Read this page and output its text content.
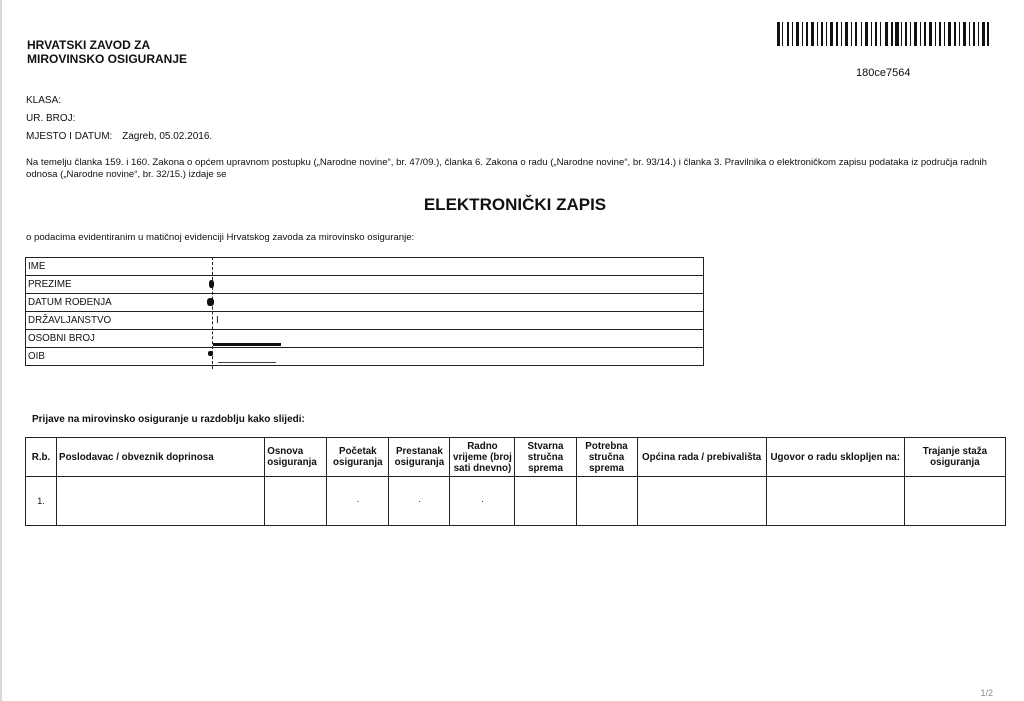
HRVATSKI ZAVOD ZA
MIROVINSKO OSIGURANJE
180ce7564
KLASA:
UR. BROJ:
MJESTO I DATUM: Zagreb, 05.02.2016.
Na temelju članka 159. i 160. Zakona o općem upravnom postupku („Narodne novine“, br. 47/09.), članka 6. Zakona o radu („Narodne novine“, br. 93/14.) i članka 3. Pravilnika o elektroničkom zapisu podataka iz područja radnih odnosa („Narodne novine“, br. 32/15.) izdaje se
ELEKTRONIČKI ZAPIS
o podacima evidentiranim u matičnoj evidenciji Hrvatskog zavoda za mirovinsko osiguranje:
IME	
PREZIME	
DATUM ROĐENJA	
DRŽAVLJANSTVO	I
OSOBNI BROJ	
OIB	
Prijave na mirovinsko osiguranje u razdoblju kako slijedi:
R.b.	Poslodavac / obveznik doprinosa	Osnova osiguranja	Početak osiguranja	Prestanak osiguranja	Radno vrijeme (broj sati dnevno)	Stvarna stručna sprema	Potrebna stručna sprema	Općina rada / prebivališta	Ugovor o radu sklopljen na:	Trajanje staža osiguranja
1.			·	·	·					
1/2
